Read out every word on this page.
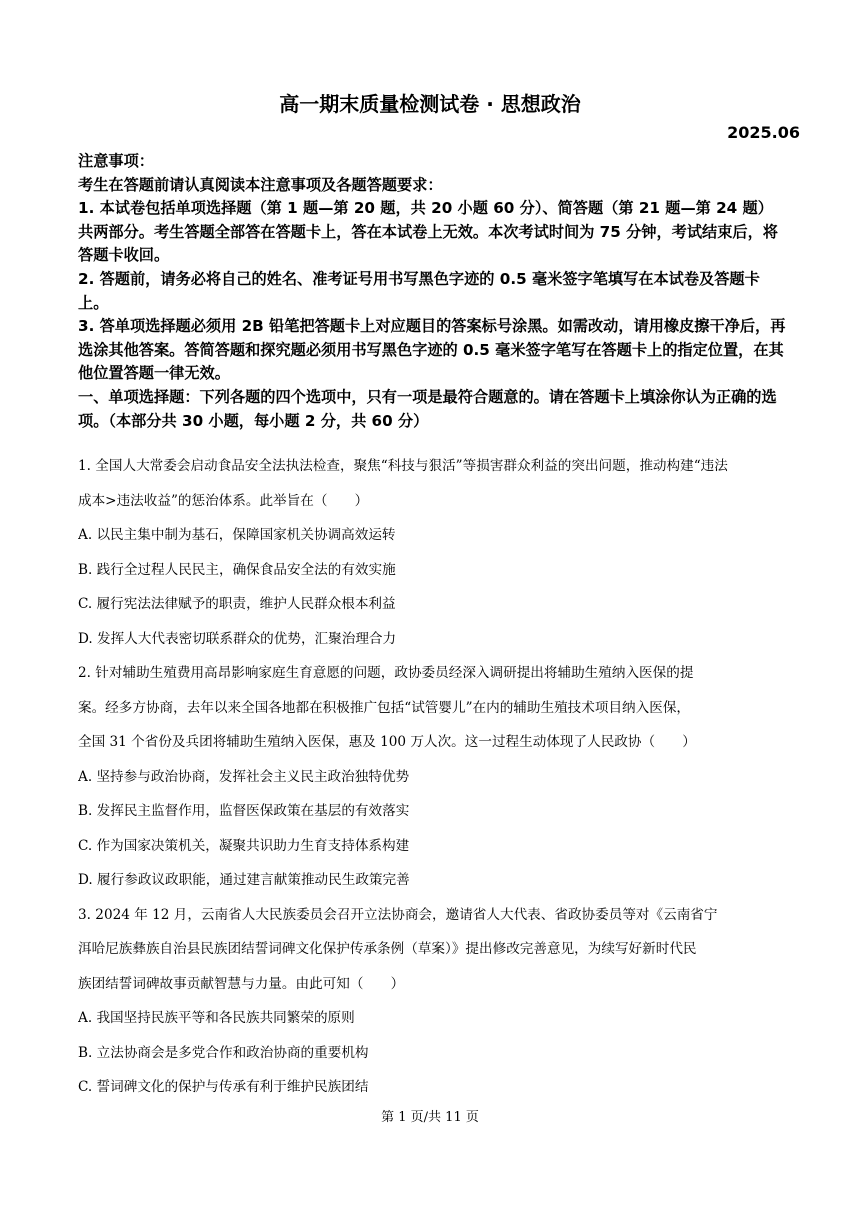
高一期末质量检测试卷 · 思想政治
2025.06

注意事项：

考生在答题前请认真阅读本注意事项及各题答题要求：

1. 本试卷包括单项选择题（第 1 题—第 20 题，共 20 小题 60 分）、简答题（第 21 题—第 24 题）共两部分。考生答题全部答在答题卡上，答在本试卷上无效。本次考试时间为 75 分钟，考试结束后，将答题卡收回。

2. 答题前，请务必将自己的姓名、准考证号用书写黑色字迹的 0.5 毫米签字笔填写在本试卷及答题卡上。

3. 答单项选择题必须用 2B 铅笔把答题卡上对应题目的答案标号涂黑。如需改动，请用橡皮擦干净后，再选涂其他答案。答简答题和探究题必须用书写黑色字迹的 0.5 毫米签字笔写在答题卡上的指定位置，在其他位置答题一律无效。

一、单项选择题：下列各题的四个选项中，只有一项是最符合题意的。请在答题卡上填涂你认为正确的选项。（本部分共 30 小题，每小题 2 分，共 60 分）

1. 全国人大常委会启动食品安全法执法检查，聚焦“科技与狠活”等损害群众利益的突出问题，推动构建“违法
成本>违法收益”的惩治体系。此举旨在（　　）
A. 以民主集中制为基石，保障国家机关协调高效运转
B. 践行全过程人民民主，确保食品安全法的有效实施
C. 履行宪法法律赋予的职责，维护人民群众根本利益
D. 发挥人大代表密切联系群众的优势，汇聚治理合力
2. 针对辅助生殖费用高昂影响家庭生育意愿的问题，政协委员经深入调研提出将辅助生殖纳入医保的提
案。经多方协商，去年以来全国各地都在积极推广包括“试管婴儿”在内的辅助生殖技术项目纳入医保，
全国 31 个省份及兵团将辅助生殖纳入医保，惠及 100 万人次。这一过程生动体现了人民政协（　　）
A. 坚持参与政治协商，发挥社会主义民主政治独特优势
B. 发挥民主监督作用，监督医保政策在基层的有效落实
C. 作为国家决策机关，凝聚共识助力生育支持体系构建
D. 履行参政议政职能，通过建言献策推动民生政策完善
3. 2024 年 12 月，云南省人大民族委员会召开立法协商会，邀请省人大代表、省政协委员等对《云南省宁
洱哈尼族彝族自治县民族团结誓词碑文化保护传承条例（草案）》提出修改完善意见，为续写好新时代民
族团结誓词碑故事贡献智慧与力量。由此可知（　　）
A. 我国坚持民族平等和各民族共同繁荣的原则
B. 立法协商会是多党合作和政治协商的重要机构
C. 誓词碑文化的保护与传承有利于维护民族团结
第 1 页/共 11 页
